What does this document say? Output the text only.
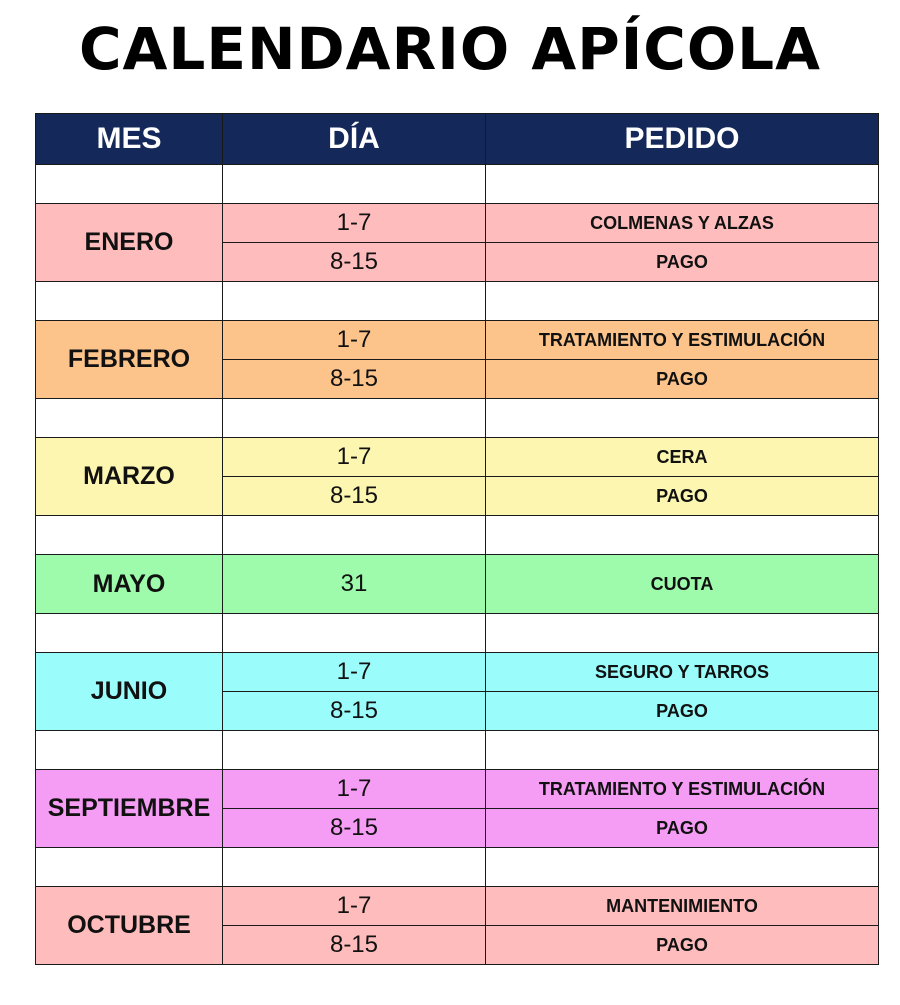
CALENDARIO APÍCOLA
MES	DÍA	PEDIDO

ENERO	1-7	COLMENAS Y ALZAS
	8-15	PAGO

FEBRERO	1-7	TRATAMIENTO Y ESTIMULACIÓN
	8-15	PAGO

MARZO	1-7	CERA
	8-15	PAGO

MAYO	31	CUOTA

JUNIO	1-7	SEGURO Y TARROS
	8-15	PAGO

SEPTIEMBRE	1-7	TRATAMIENTO Y ESTIMULACIÓN
	8-15	PAGO

OCTUBRE	1-7	MANTENIMIENTO
	8-15	PAGO
